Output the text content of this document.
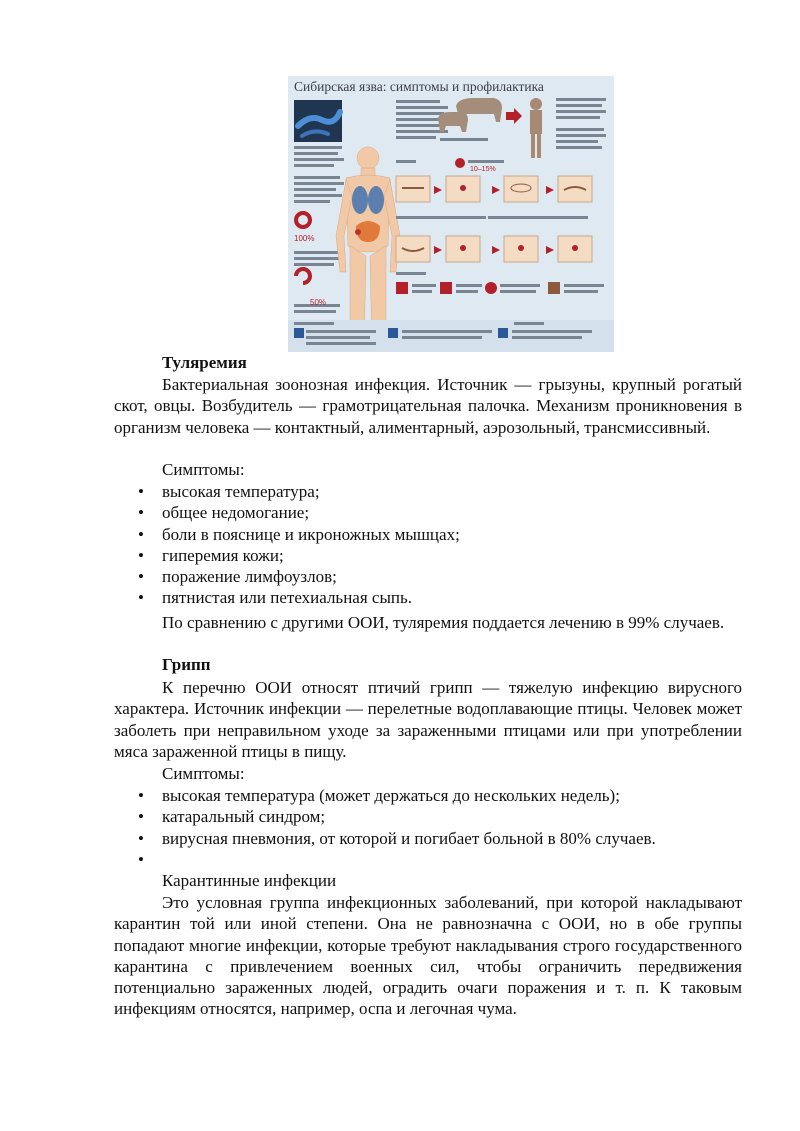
Сибирская язва: симптомы и профилактика
100%
50%
10–15%
Туляремия
Бактериальная зоонозная инфекция. Источник — грызуны, крупный рогатый скот, овцы. Возбудитель — грамотрицательная палочка. Механизм проникновения в организм человека — контактный, алиментарный, аэрозольный, трансмиссивный.
Симптомы:
• высокая температура;
• общее недомогание;
• боли в пояснице и икроножных мышцах;
• гиперемия кожи;
• поражение лимфоузлов;
• пятнистая или петехиальная сыпь.
По сравнению с другими ООИ, туляремия поддается лечению в 99% случаев.
Грипп
К перечню ООИ относят птичий грипп — тяжелую инфекцию вирусного характера. Источник инфекции — перелетные водоплавающие птицы. Человек может заболеть при неправильном уходе за зараженными птицами или при употреблении мяса зараженной птицы в пищу.
Симптомы:
• высокая температура (может держаться до нескольких недель);
• катаральный синдром;
• вирусная пневмония, от которой и погибает больной в 80% случаев.
•
Карантинные инфекции
Это условная группа инфекционных заболеваний, при которой накладывают карантин той или иной степени. Она не равнозначна с ООИ, но в обе группы попадают многие инфекции, которые требуют накладывания строго государственного карантина с привлечением военных сил, чтобы ограничить передвижения потенциально зараженных людей, оградить очаги поражения и т. п. К таковым инфекциям относятся, например, оспа и легочная чума.
